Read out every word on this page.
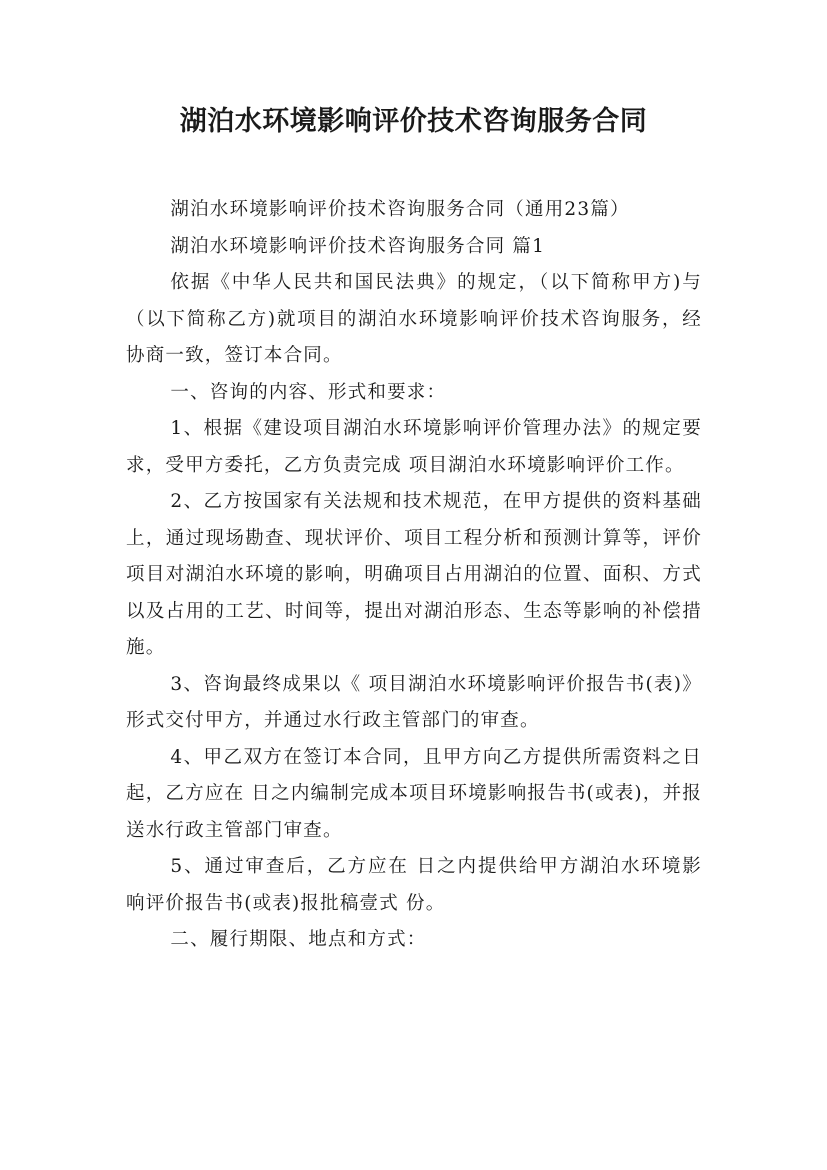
湖泊水环境影响评价技术咨询服务合同

湖泊水环境影响评价技术咨询服务合同（通用23篇）

湖泊水环境影响评价技术咨询服务合同 篇1

依据《中华人民共和国民法典》的规定，（以下简称甲方)与（以下简称乙方)就项目的湖泊水环境影响评价技术咨询服务，经协商一致，签订本合同。

一、咨询的内容、形式和要求：

1、根据《建设项目湖泊水环境影响评价管理办法》的规定要求，受甲方委托，乙方负责完成 项目湖泊水环境影响评价工作。

2、乙方按国家有关法规和技术规范，在甲方提供的资料基础上，通过现场勘查、现状评价、项目工程分析和预测计算等，评价项目对湖泊水环境的影响，明确项目占用湖泊的位置、面积、方式以及占用的工艺、时间等，提出对湖泊形态、生态等影响的补偿措施。

3、咨询最终成果以《 项目湖泊水环境影响评价报告书(表)》形式交付甲方，并通过水行政主管部门的审查。

4、甲乙双方在签订本合同，且甲方向乙方提供所需资料之日起，乙方应在 日之内编制完成本项目环境影响报告书(或表)，并报送水行政主管部门审查。

5、通过审查后，乙方应在 日之内提供给甲方湖泊水环境影响评价报告书(或表)报批稿壹式 份。

二、履行期限、地点和方式：
